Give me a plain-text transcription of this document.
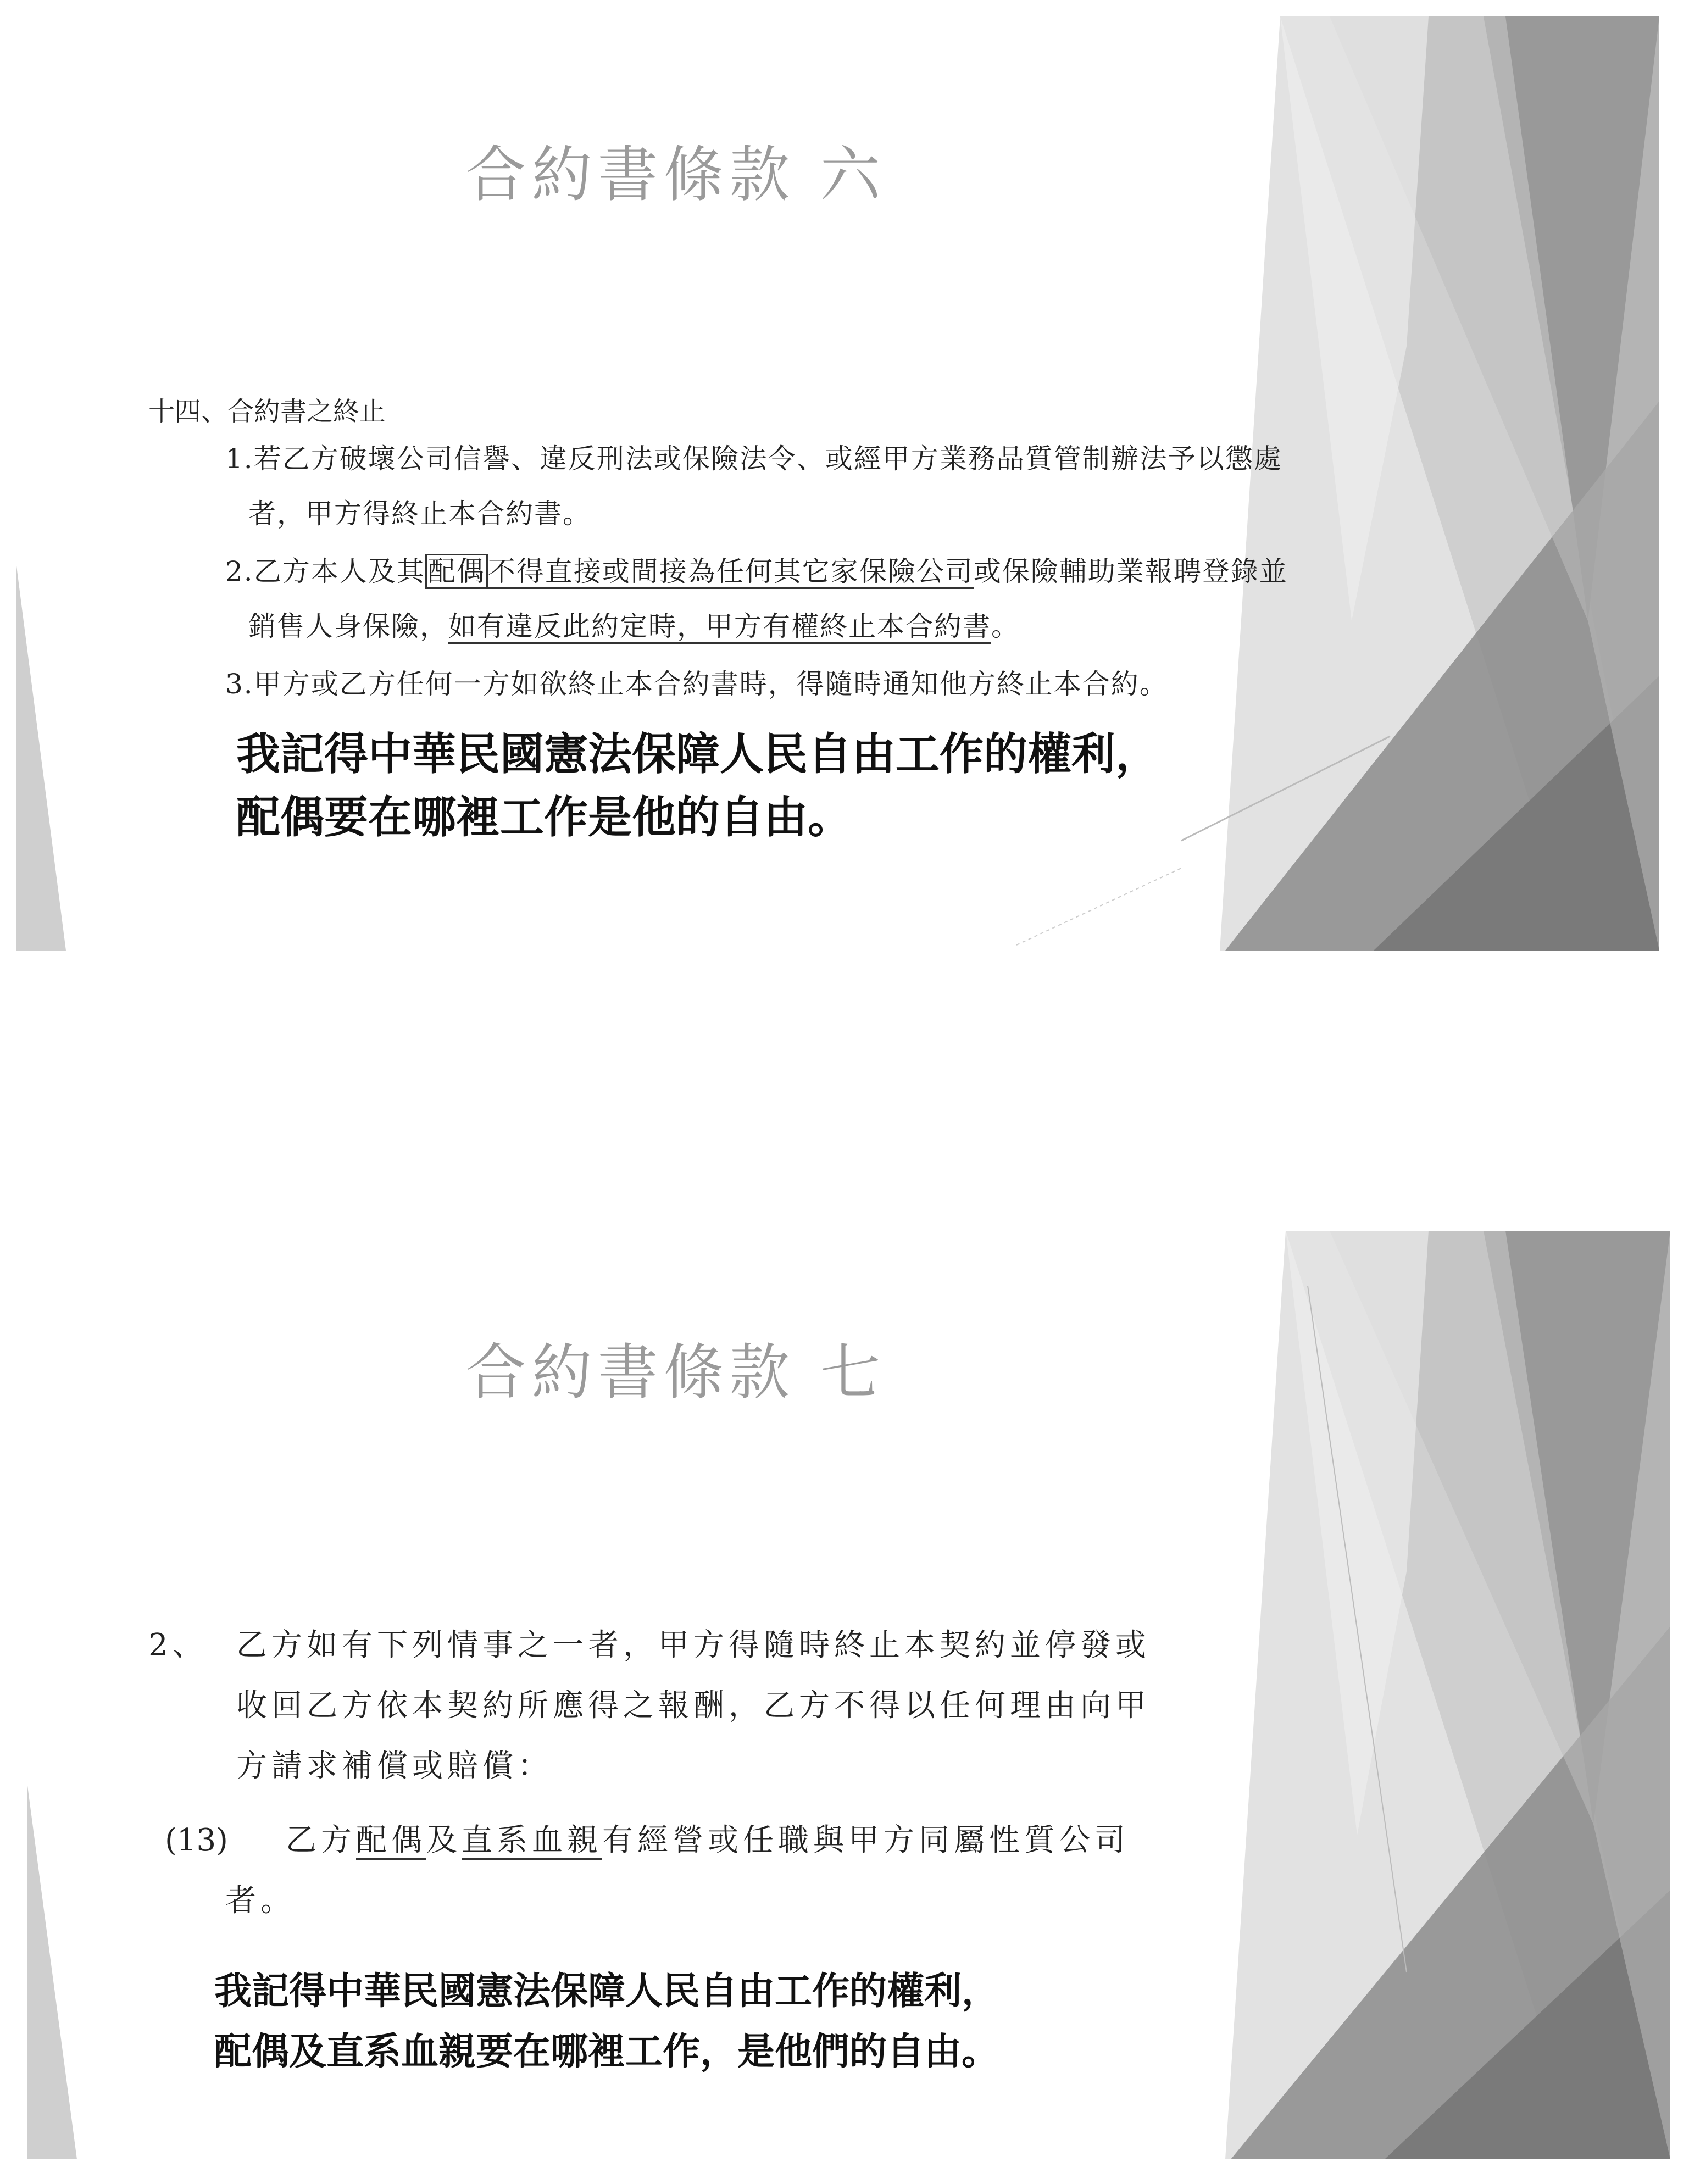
合約書條款 六
十四、合約書之終止
1.若乙方破壞公司信譽、違反刑法或保險法令、或經甲方業務品質管制辦法予以懲處
者，甲方得終止本合約書。
2.乙方本人及其 配偶 不得直接或間接為任何其它家保險公司或保險輔助業報聘登錄並
銷售人身保險，如有違反此約定時，甲方有權終止本合約書。
3.甲方或乙方任何一方如欲終止本合約書時，得隨時通知他方終止本合約。
我記得中華民國憲法保障人民自由工作的權利，
配偶要在哪裡工作是他的自由。
合約書條款 七
2、 乙方如有下列情事之一者，甲方得隨時終止本契約並停發或
收回乙方依本契約所應得之報酬，乙方不得以任何理由向甲
方請求補償或賠償：
(13) 乙方配偶及直系血親有經營或任職與甲方同屬性質公司
者。
我記得中華民國憲法保障人民自由工作的權利，
配偶及直系血親要在哪裡工作，是他們的自由。
